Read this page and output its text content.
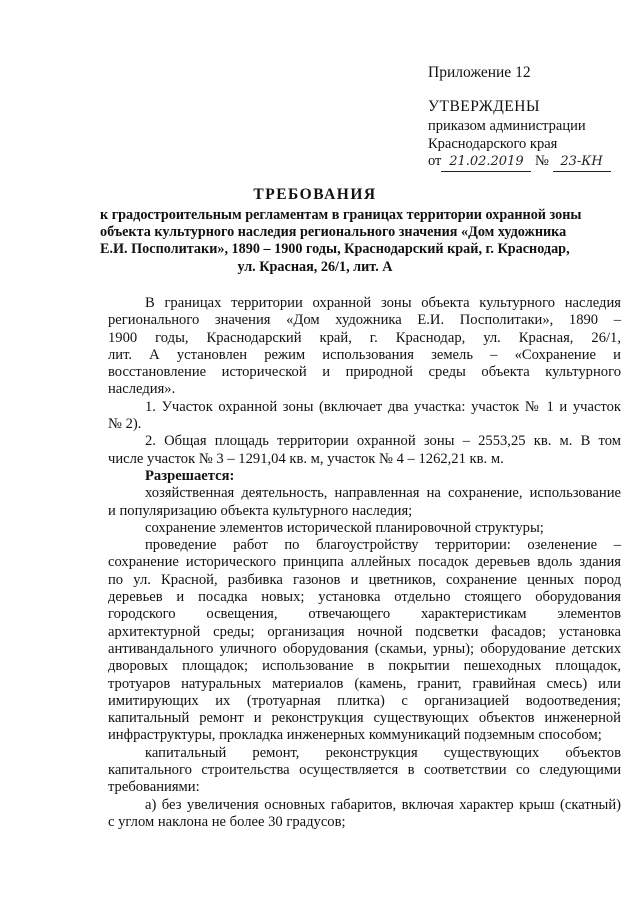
Приложение 12
УТВЕРЖДЕНЫ
приказом администрации
Краснодарского края
от 21.02.2019 № 23-КН
ТРЕБОВАНИЯ
к градостроительным регламентам в границах территории охранной зоны
объекта культурного наследия регионального значения «Дом художника
Е.И. Посполитаки», 1890 – 1900 годы, Краснодарский край, г. Краснодар,
ул. Красная, 26/1, лит. А

В границах территории охранной зоны объекта культурного наследия

регионального значения «Дом художника Е.И. Посполитаки», 1890 –

1900 годы, Краснодарский край, г. Краснодар, ул. Красная, 26/1,

лит. А установлен режим использования земель – «Сохранение и

восстановление исторической и природной среды объекта культурного

наследия».

1. Участок охранной зоны (включает два участка: участок № 1 и участок

№ 2).

2. Общая площадь территории охранной зоны – 2553,25 кв. м. В том

числе участок № 3 – 1291,04 кв. м, участок № 4 – 1262,21 кв. м.

Разрешается:

хозяйственная деятельность, направленная на сохранение, использование

и популяризацию объекта культурного наследия;

сохранение элементов исторической планировочной структуры;

проведение работ по благоустройству территории: озеленение –

сохранение исторического принципа аллейных посадок деревьев вдоль здания

по ул. Красной, разбивка газонов и цветников, сохранение ценных пород

деревьев и посадка новых; установка отдельно стоящего оборудования

городского освещения, отвечающего характеристикам элементов

архитектурной среды; организация ночной подсветки фасадов; установка

антивандального уличного оборудования (скамьи, урны); оборудование детских

дворовых площадок; использование в покрытии пешеходных площадок,

тротуаров натуральных материалов (камень, гранит, гравийная смесь) или

имитирующих их (тротуарная плитка) с организацией водоотведения;

капитальный ремонт и реконструкция существующих объектов инженерной

инфраструктуры, прокладка инженерных коммуникаций подземным способом;

капитальный ремонт, реконструкция существующих объектов

капитального строительства осуществляется в соответствии со следующими

требованиями:

а) без увеличения основных габаритов, включая характер крыш (скатный)

с углом наклона не более 30 градусов;
